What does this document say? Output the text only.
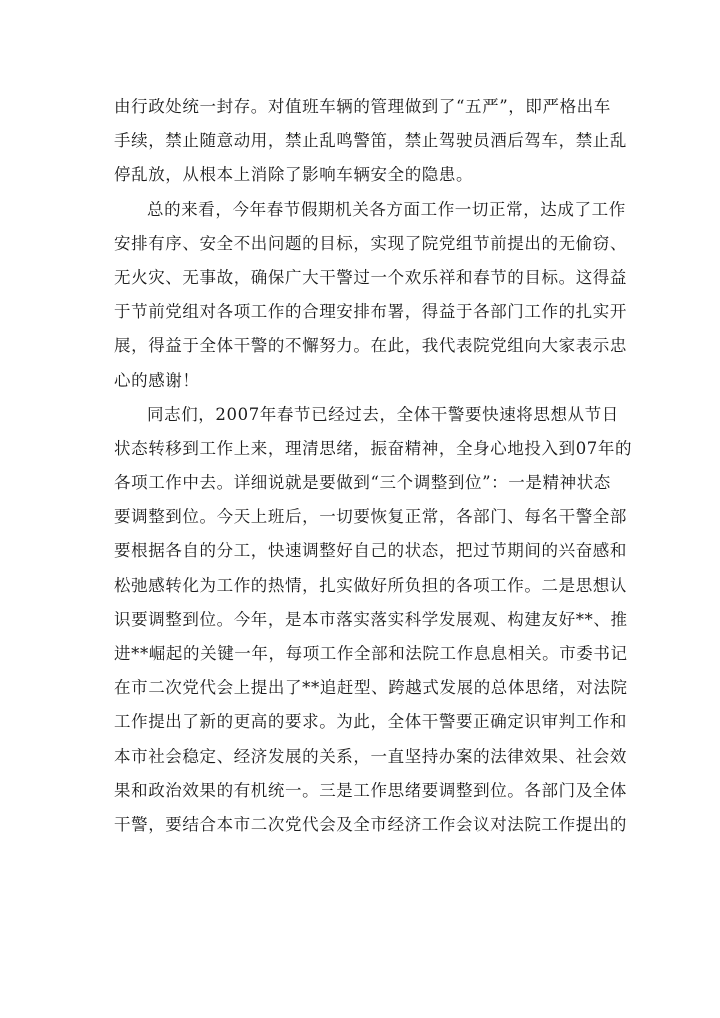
由行政处统一封存。对值班车辆的管理做到了“五严”，即严格出车
手续，禁止随意动用，禁止乱鸣警笛，禁止驾驶员酒后驾车，禁止乱
停乱放，从根本上消除了影响车辆安全的隐患。
总的来看，今年春节假期机关各方面工作一切正常，达成了工作
安排有序、安全不出问题的目标，实现了院党组节前提出的无偷窃、
无火灾、无事故，确保广大干警过一个欢乐祥和春节的目标。这得益
于节前党组对各项工作的合理安排布署，得益于各部门工作的扎实开
展，得益于全体干警的不懈努力。在此，我代表院党组向大家表示忠
心的感谢！
同志们，2007年春节已经过去，全体干警要快速将思想从节日
状态转移到工作上来，理清思绪，振奋精神，全身心地投入到07年的
各项工作中去。详细说就是要做到“三个调整到位”：一是精神状态
要调整到位。今天上班后，一切要恢复正常，各部门、每名干警全部
要根据各自的分工，快速调整好自己的状态，把过节期间的兴奋感和
松弛感转化为工作的热情，扎实做好所负担的各项工作。二是思想认
识要调整到位。今年，是本市落实落实科学发展观、构建友好**、推
进**崛起的关键一年，每项工作全部和法院工作息息相关。市委书记
在市二次党代会上提出了**追赶型、跨越式发展的总体思绪，对法院
工作提出了新的更高的要求。为此，全体干警要正确定识审判工作和
本市社会稳定、经济发展的关系，一直坚持办案的法律效果、社会效
果和政治效果的有机统一。三是工作思绪要调整到位。各部门及全体
干警，要结合本市二次党代会及全市经济工作会议对法院工作提出的
